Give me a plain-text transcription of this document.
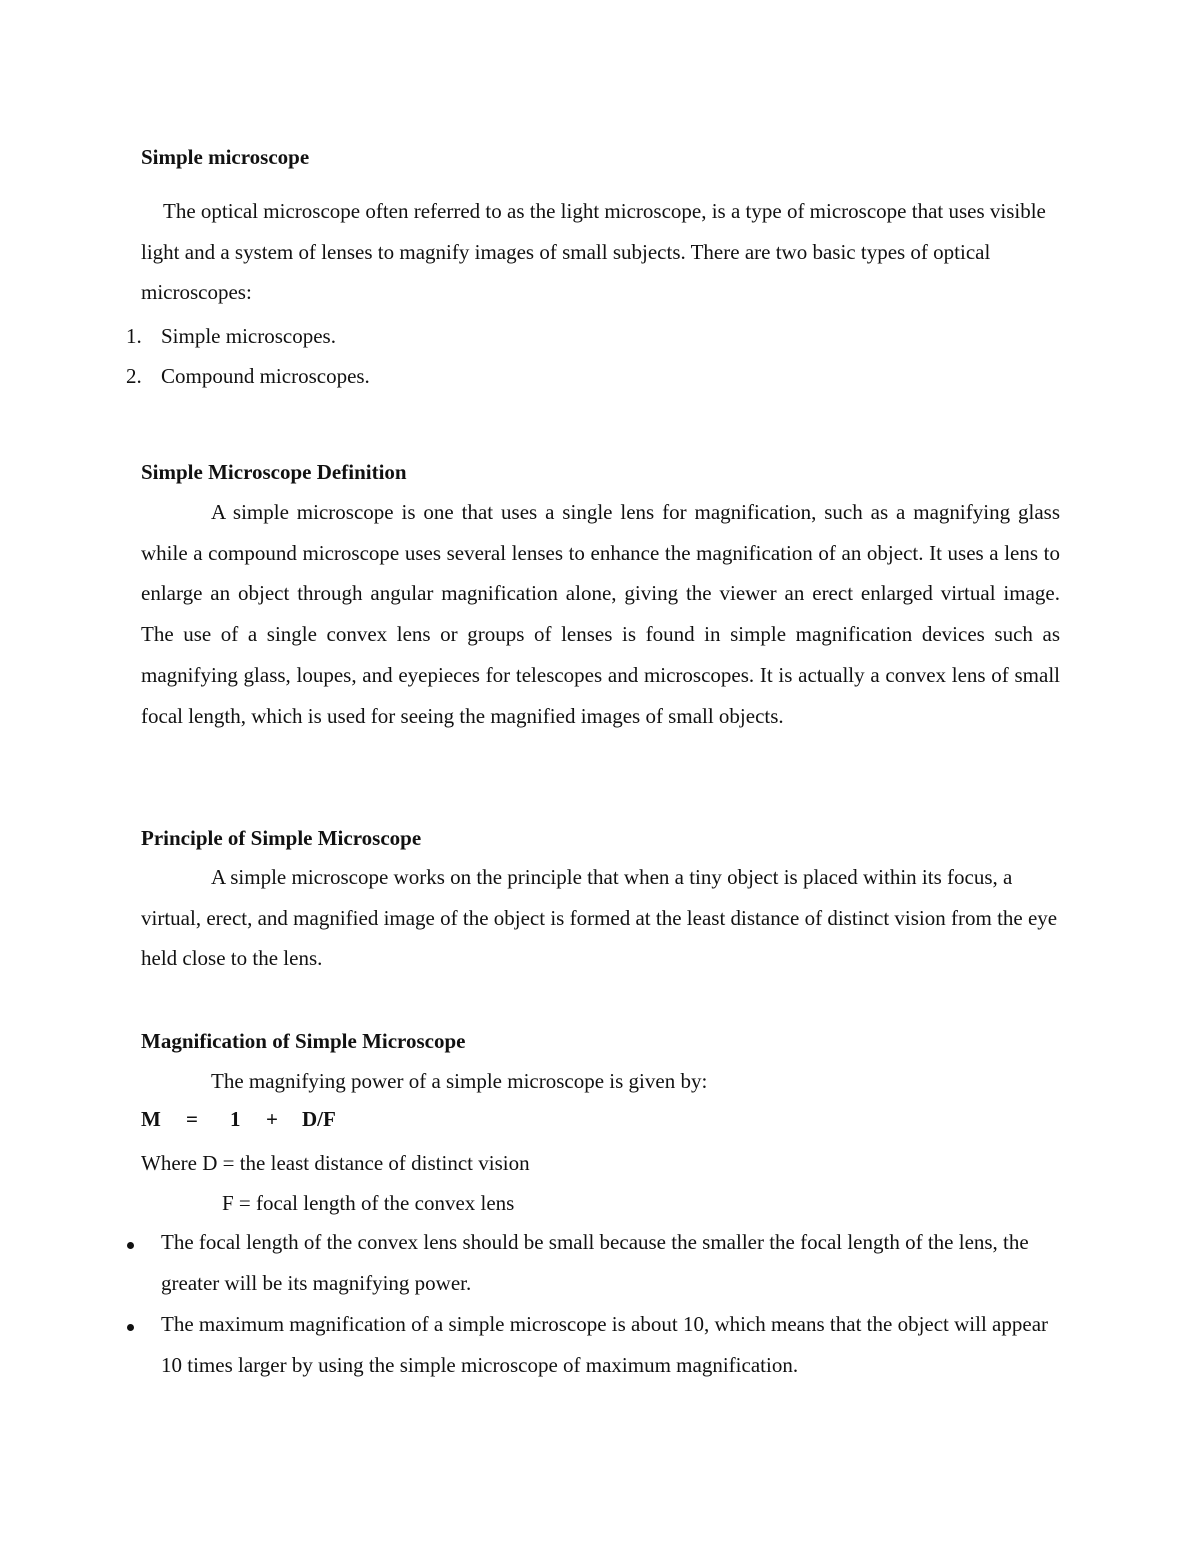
Simple microscope
The optical microscope often referred to as the light microscope, is a type of microscope that uses visible light and a system of lenses to magnify images of small subjects. There are two basic types of optical microscopes:
1. Simple microscopes.
2. Compound microscopes.
Simple Microscope Definition
A simple microscope is one that uses a single lens for magnification, such as a magnifying glass while a compound microscope uses several lenses to enhance the magnification of an object. It uses a lens to enlarge an object through angular magnification alone, giving the viewer an erect enlarged virtual image. The use of a single convex lens or groups of lenses is found in simple magnification devices such as magnifying glass, loupes, and eyepieces for telescopes and microscopes. It is actually a convex lens of small focal length, which is used for seeing the magnified images of small objects.
Principle of Simple Microscope
A simple microscope works on the principle that when a tiny object is placed within its focus, a virtual, erect, and magnified image of the object is formed at the least distance of distinct vision from the eye held close to the lens.
Magnification of Simple Microscope
The magnifying power of a simple microscope is given by:
M = 1 + D/F
Where D = the least distance of distinct vision
F = focal length of the convex lens
The focal length of the convex lens should be small because the smaller the focal length of the lens, the greater will be its magnifying power.
The maximum magnification of a simple microscope is about 10, which means that the object will appear 10 times larger by using the simple microscope of maximum magnification.
